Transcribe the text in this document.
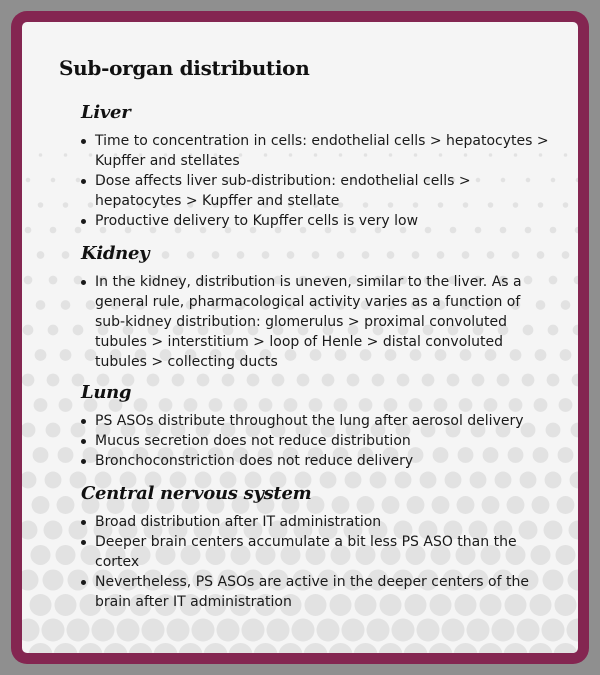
Sub-organ distribution
Liver
Time to concentration in cells: endothelial cells > hepatocytes > Kupffer and stellates
Dose affects liver sub-distribution: endothelial cells > hepatocytes > Kupffer and stellate
Productive delivery to Kupffer cells is very low
Kidney
In the kidney, distribution is uneven, similar to the liver. As a general rule, pharmacological activity varies as a function of sub-kidney distribution: glomerulus > proximal convoluted tubules > interstitium > loop of Henle > distal convoluted tubules > collecting ducts
Lung
PS ASOs distribute throughout the lung after aerosol delivery
Mucus secretion does not reduce distribution
Bronchoconstriction does not reduce delivery
Central nervous system
Broad distribution after IT administration
Deeper brain centers accumulate a bit less PS ASO than the cortex
Nevertheless, PS ASOs are active in the deeper centers of the brain after IT administration
